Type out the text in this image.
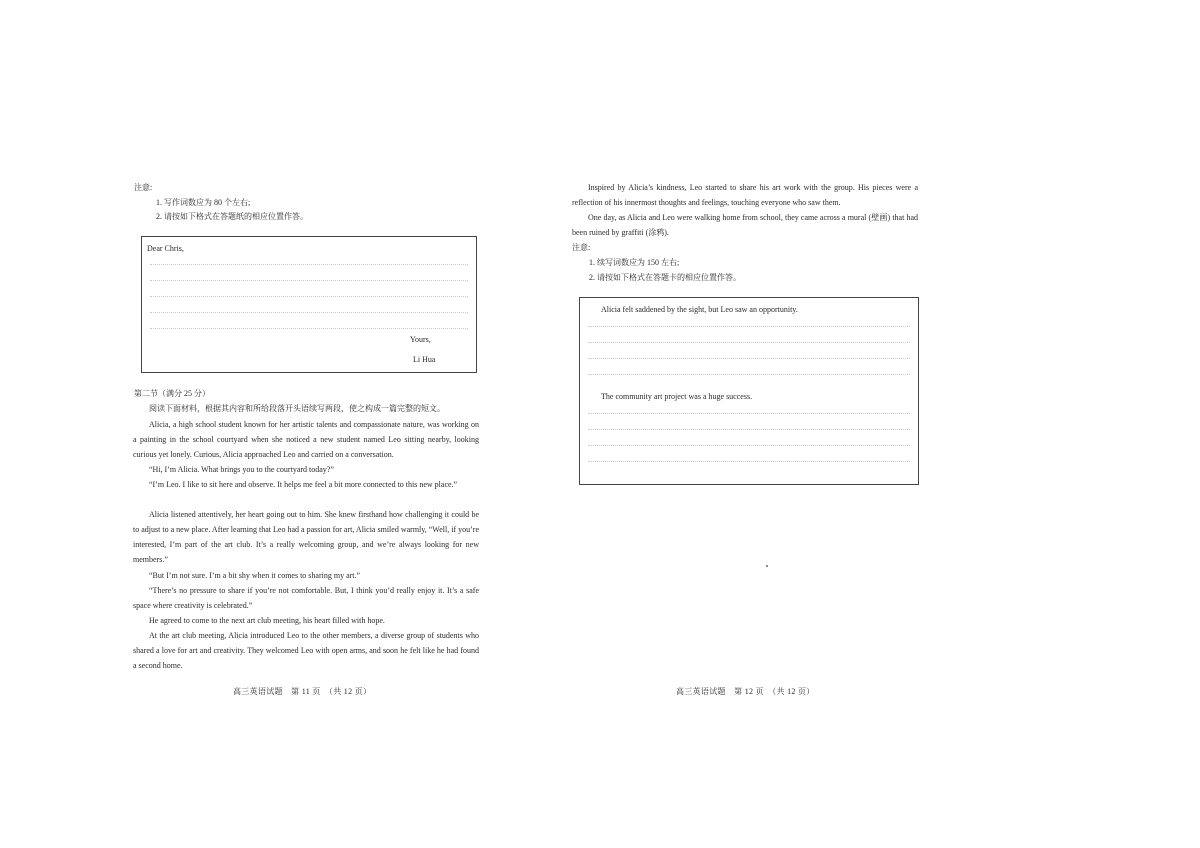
注意:
1. 写作词数应为 80 个左右;
2. 请按如下格式在答题纸的相应位置作答。
Dear Chris,
Yours,
Li Hua
第二节（满分 25 分）
阅读下面材料，根据其内容和所给段落开头语续写两段，使之构成一篇完整的短文。

Alicia, a high school student known for her artistic talents and compassionate nature, was working on a painting in the school courtyard when she noticed a new student named Leo sitting nearby, looking curious yet lonely. Curious, Alicia approached Leo and carried on a conversation.

“Hi, I’m Alicia. What brings you to the courtyard today?”

“I’m Leo. I like to sit here and observe. It helps me feel a bit more connected to this new place.”

Alicia listened attentively, her heart going out to him. She knew firsthand how challenging it could be to adjust to a new place. After learning that Leo had a passion for art, Alicia smiled warmly, “Well, if you’re interested, I’m part of the art club. It’s a really welcoming group, and we’re always looking for new members.”

“But I’m not sure. I’m a bit shy when it comes to sharing my art.”

“There’s no pressure to share if you’re not comfortable. But, I think you’d really enjoy it. It’s a safe space where creativity is celebrated.”

He agreed to come to the next art club meeting, his heart filled with hope.

At the art club meeting, Alicia introduced Leo to the other members, a diverse group of students who shared a love for art and creativity. They welcomed Leo with open arms, and soon he felt like he had found a second home.

高三英语试题　第 11 页　（共 12 页）

Inspired by Alicia’s kindness, Leo started to share his art work with the group. His pieces were a reflection of his innermost thoughts and feelings, touching everyone who saw them.

One day, as Alicia and Leo were walking home from school, they came across a mural (壁画) that had been ruined by graffiti (涂鸦).

注意:
1. 续写词数应为 150 左右;
2. 请按如下格式在答题卡的相应位置作答。
Alicia felt saddened by the sight, but Leo saw an opportunity.
The community art project was a huge success.
高三英语试题　第 12 页　（共 12 页）
